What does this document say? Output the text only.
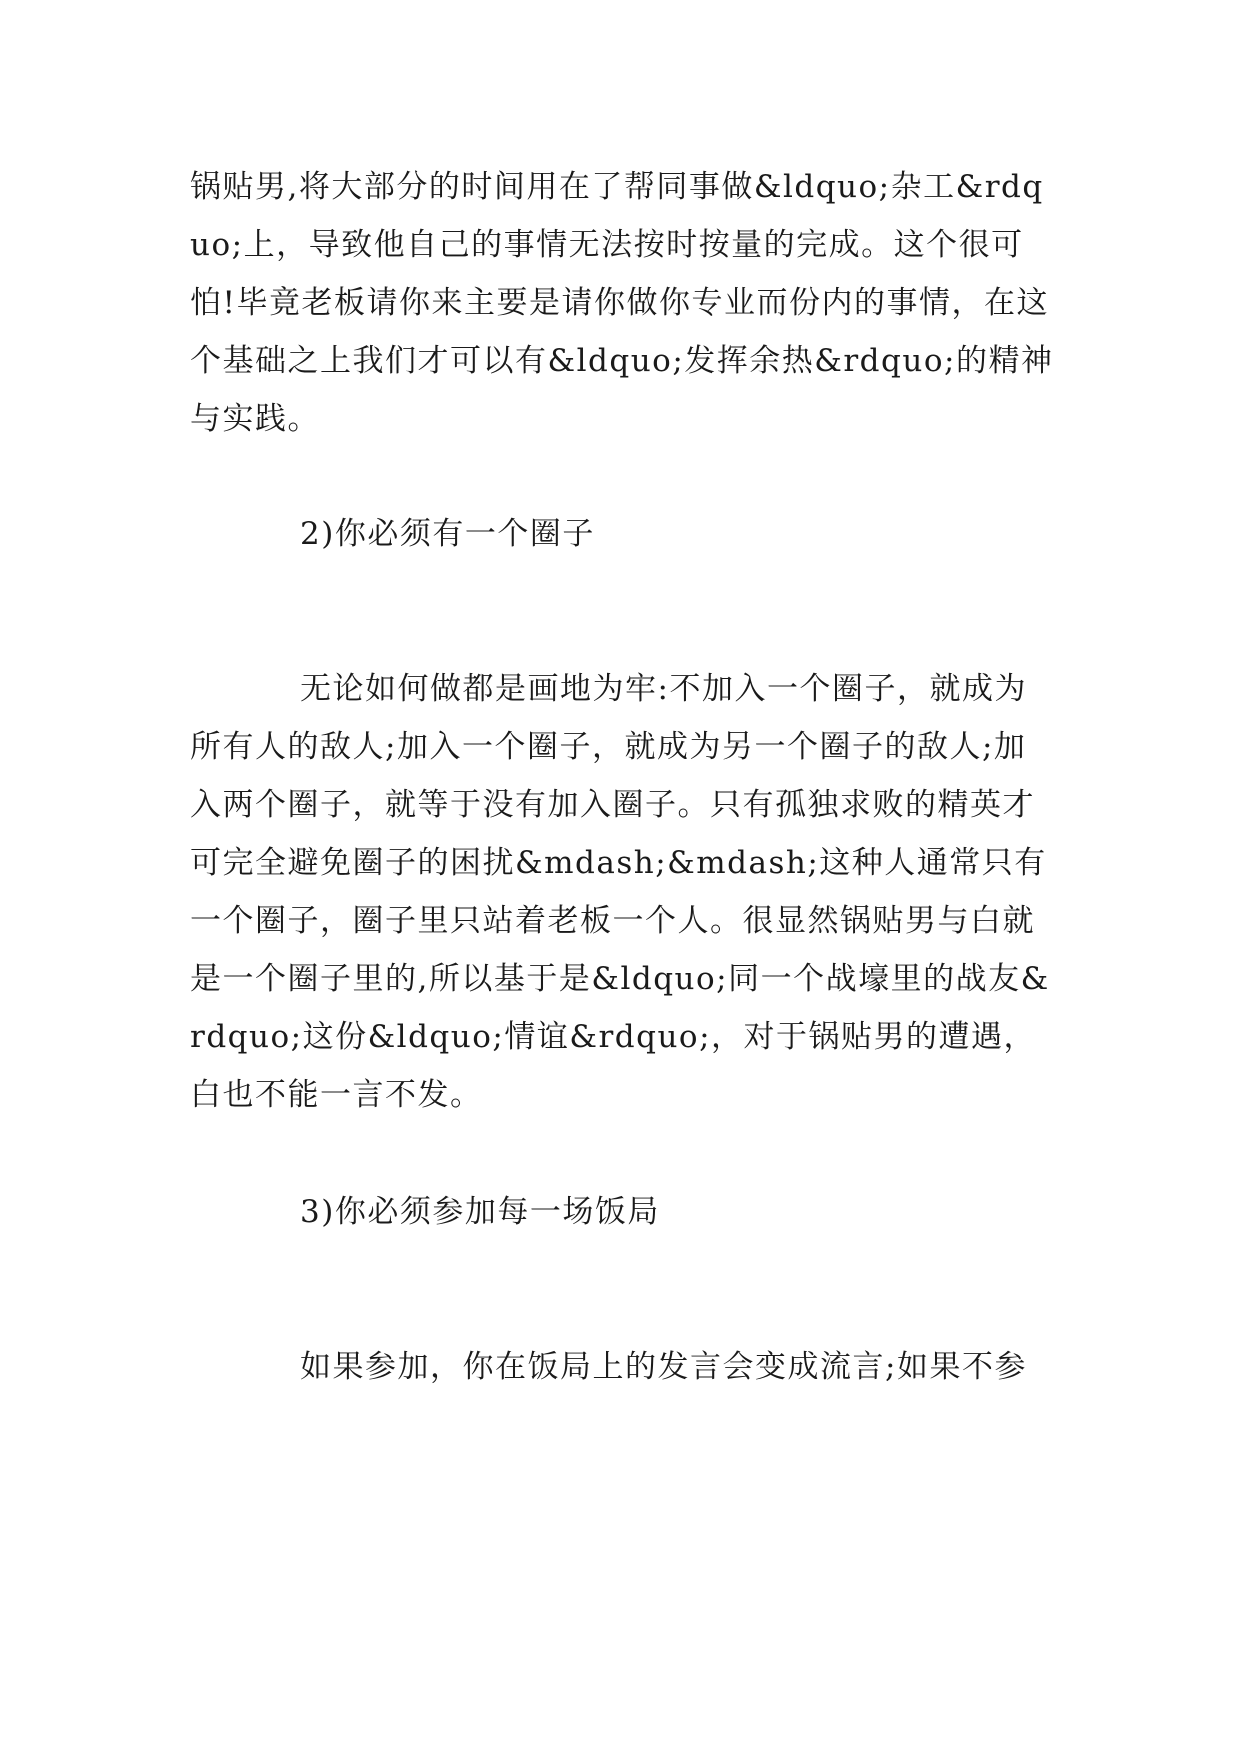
锅贴男,将大部分的时间用在了帮同事做&ldquo;杂工&rdquo;上，导致他自己的事情无法按时按量的完成。这个很可怕!毕竟老板请你来主要是请你做你专业而份内的事情，在这个基础之上我们才可以有&ldquo;发挥余热&rdquo;的精神与实践。

2)你必须有一个圈子

无论如何做都是画地为牢:不加入一个圈子，就成为所有人的敌人;加入一个圈子，就成为另一个圈子的敌人;加入两个圈子，就等于没有加入圈子。只有孤独求败的精英才可完全避免圈子的困扰&mdash;&mdash;这种人通常只有一个圈子，圈子里只站着老板一个人。很显然锅贴男与白就是一个圈子里的,所以基于是&ldquo;同一个战壕里的战友&rdquo;这份&ldquo;情谊&rdquo;，对于锅贴男的遭遇，白也不能一言不发。

3)你必须参加每一场饭局

如果参加，你在饭局上的发言会变成流言;如果不参
